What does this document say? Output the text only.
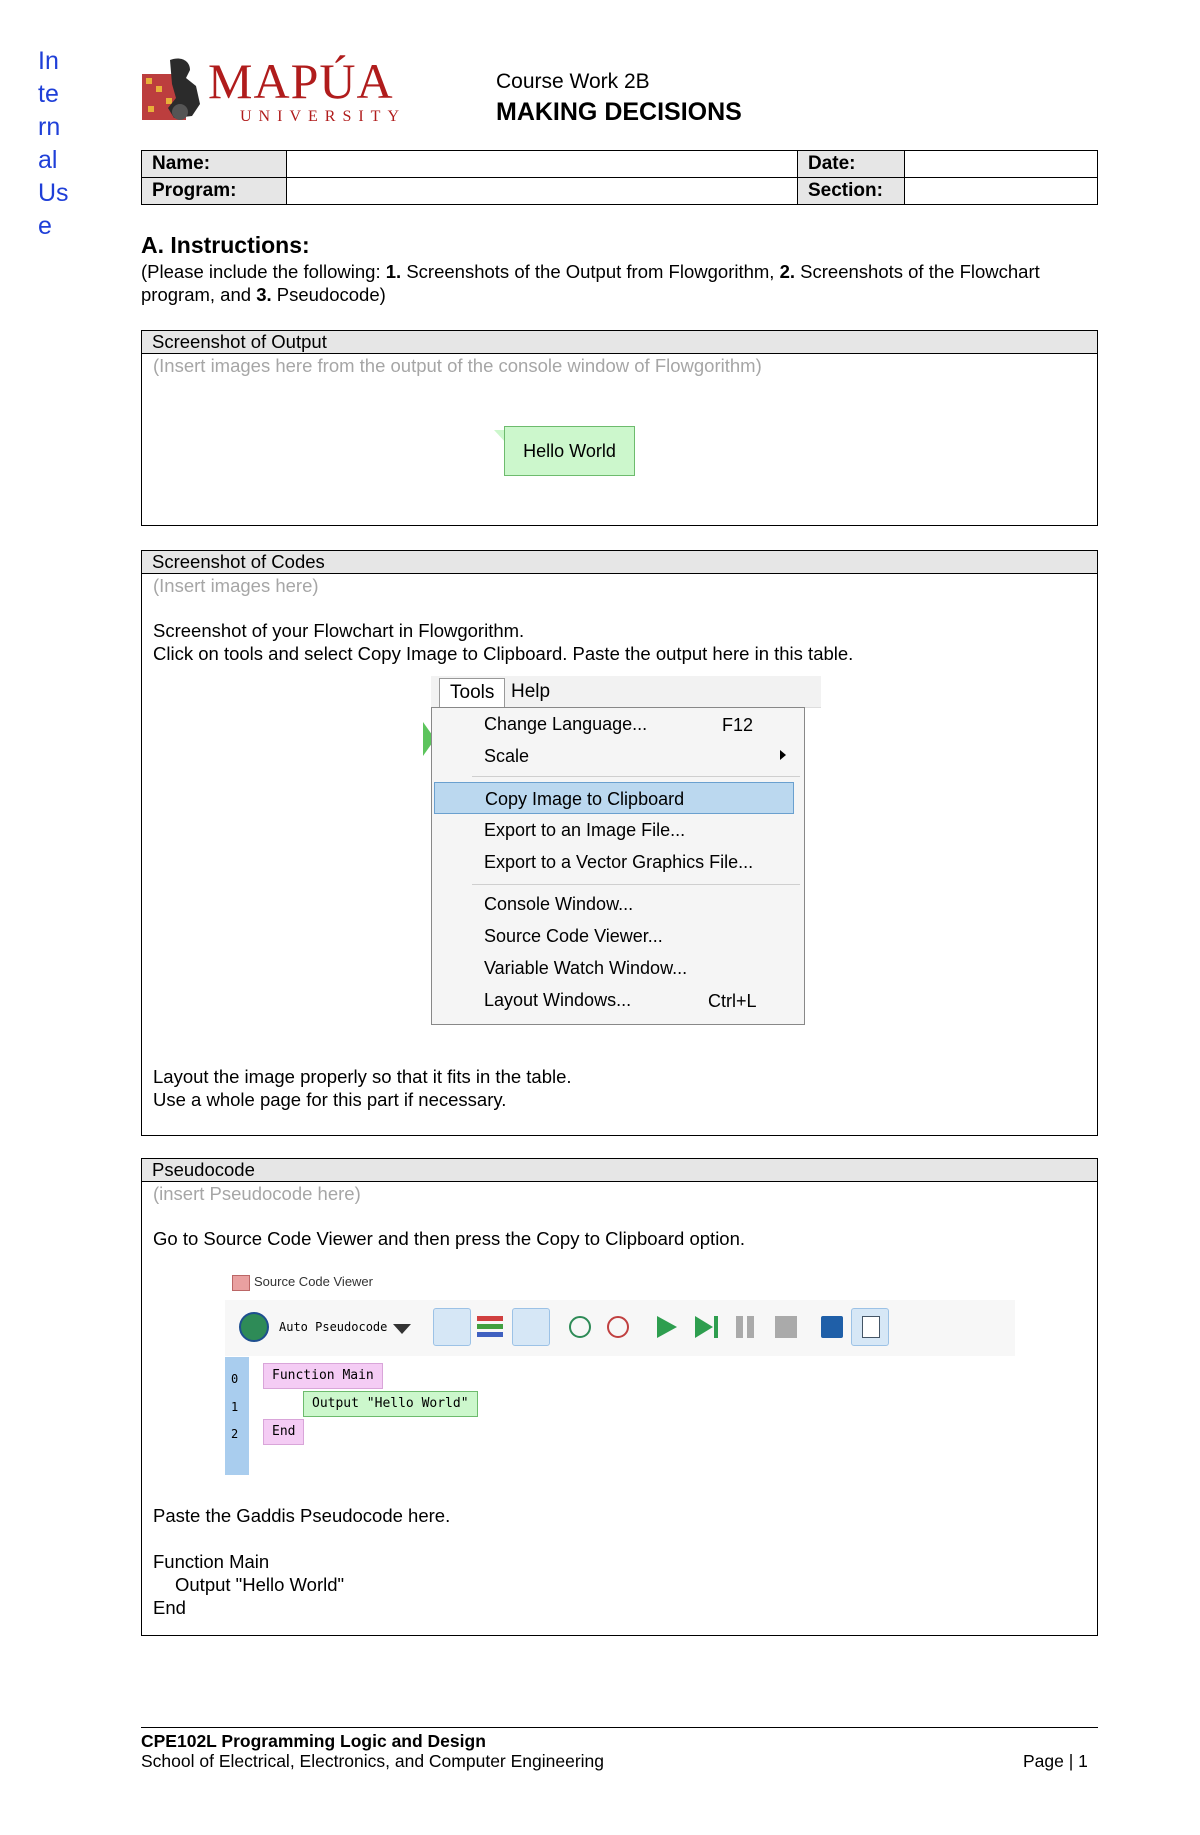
In
te
rn
al
Us
e
MAPÚA
UNIVERSITY
Course Work 2B
MAKING DECISIONS
Name:		Date:	
Program:		Section:	
A. Instructions:
(Please include the following: 1. Screenshots of the Output from Flowgorithm, 2. Screenshots of the Flowchart program, and 3. Pseudocode)
Screenshot of Output
(Insert images here from the output of the console window of Flowgorithm)
Hello World
Screenshot of Codes
(Insert images here)
Screenshot of your Flowchart in Flowgorithm.
Click on tools and select Copy Image to Clipboard. Paste the output here in this table.
Tools Help
Change Language...	F12
Scale
Copy Image to Clipboard
Export to an Image File...
Export to a Vector Graphics File...
Console Window...
Source Code Viewer...
Variable Watch Window...
Layout Windows...	Ctrl+L
Layout the image properly so that it fits in the table.
Use a whole page for this part if necessary.
Pseudocode
(insert Pseudocode here)
Go to Source Code Viewer and then press the Copy to Clipboard option.
Source Code Viewer
Auto Pseudocode
0
1
2
Function Main
Output "Hello World"
End
Paste the Gaddis Pseudocode here.
Function Main
Output "Hello World"
End
CPE102L Programming Logic and Design
School of Electrical, Electronics, and Computer Engineering	Page | 1
